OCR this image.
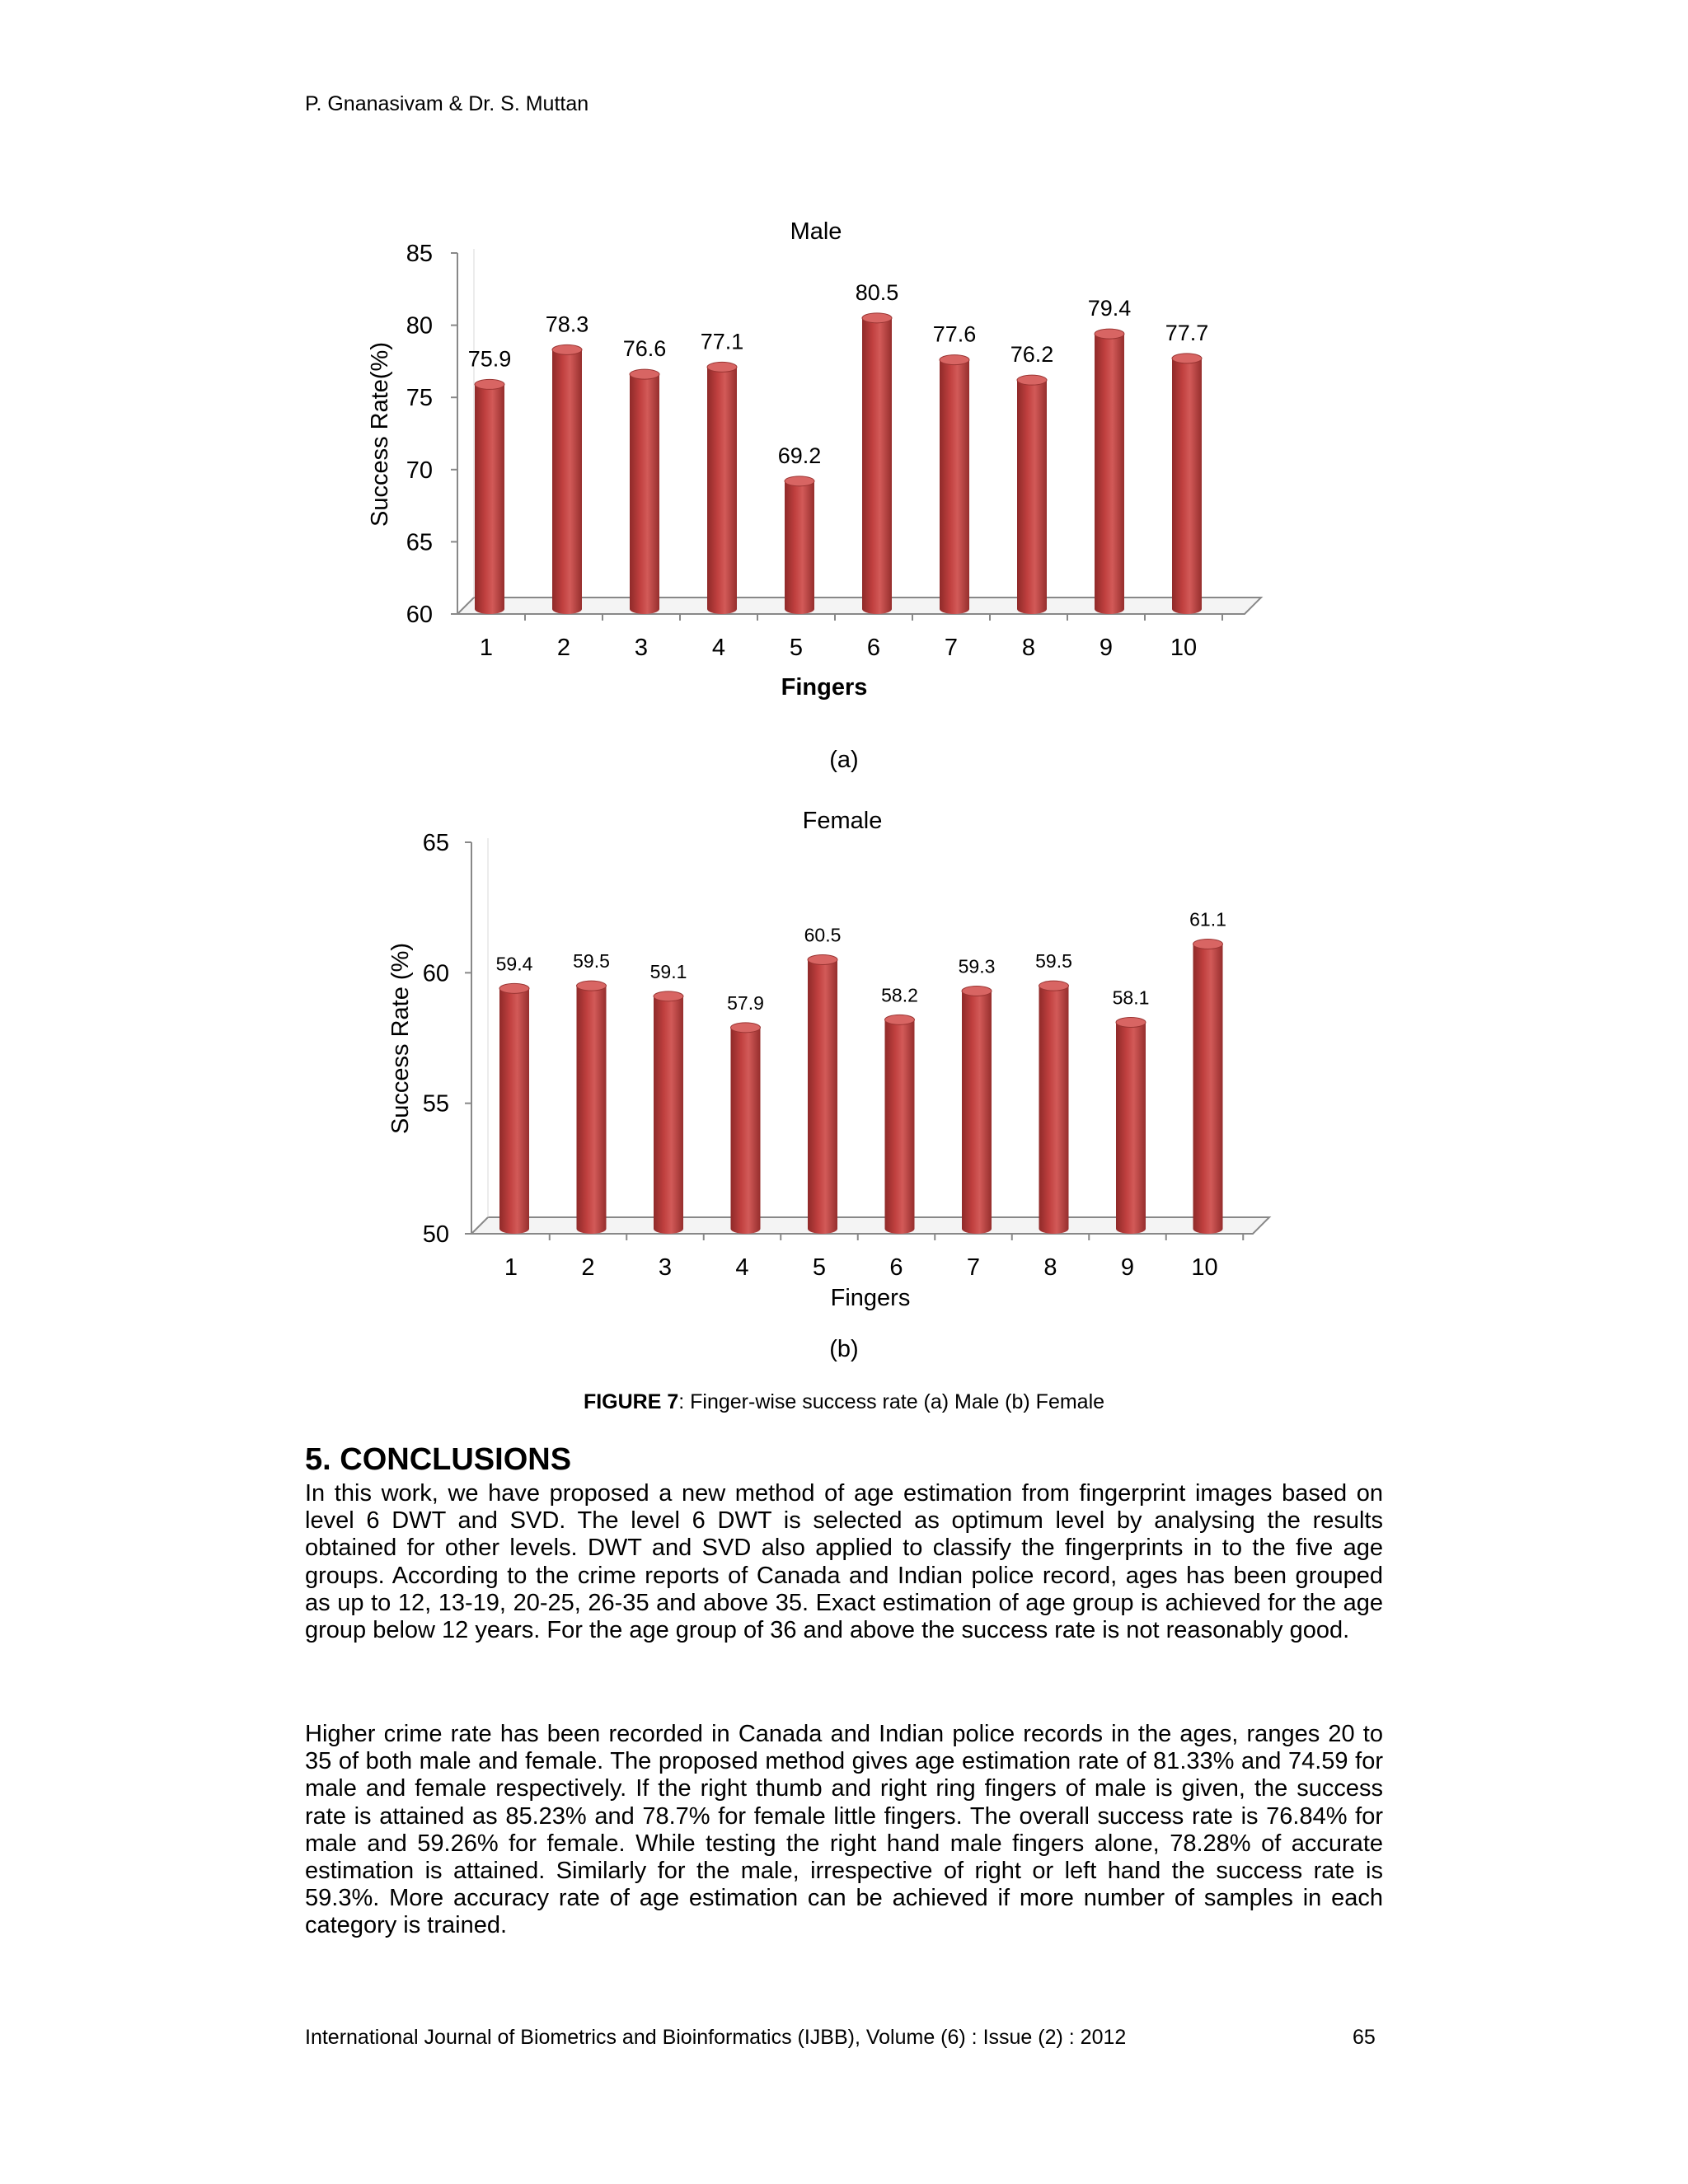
P. Gnanasivam & Dr. S. Muttan
Male
60
65
70
75
80
85
1	2	3	4	5	6	7	8	9 10
75.9
78.3
76.6 77.1
69.2
80.5
77.6
76.2
79.4
77.7
Fingers
Success Rate(%)
Female
50
55
60
65
1	2	3	4	5	6	7	8	9 10
59.4 59.5 59.1
57.9
60.5
58.2
59.3 59.5
58.1
61.1
Fingers
Success Rate (%)
(a)
(b)
FIGURE 7: Finger-wise success rate (a) Male (b) Female
5. CONCLUSIONS
In this work, we have proposed a new method of age estimation from fingerprint images based on level 6 DWT and SVD. The level 6 DWT is selected as optimum level by analysing the results obtained for other levels. DWT and SVD also applied to classify the fingerprints in to the five age groups. According to the crime reports of Canada and Indian police record, ages has been grouped as up to 12, 13-19, 20-25, 26-35 and above 35. Exact estimation of age group is achieved for the age group below 12 years. For the age group of 36 and above the success rate is not reasonably good.
Higher crime rate has been recorded in Canada and Indian police records in the ages, ranges 20 to 35 of both male and female. The proposed method gives age estimation rate of 81.33% and 74.59 for male and female respectively. If the right thumb and right ring fingers of male is given, the success rate is attained as 85.23% and 78.7% for female little fingers. The overall success rate is 76.84% for male and 59.26% for female. While testing the right hand male fingers alone, 78.28% of accurate estimation is attained. Similarly for the male, irrespective of right or left hand the success rate is 59.3%. More accuracy rate of age estimation can be achieved if more number of samples in each category is trained.
International Journal of Biometrics and Bioinformatics (IJBB), Volume (6) : Issue (2) : 2012	65
